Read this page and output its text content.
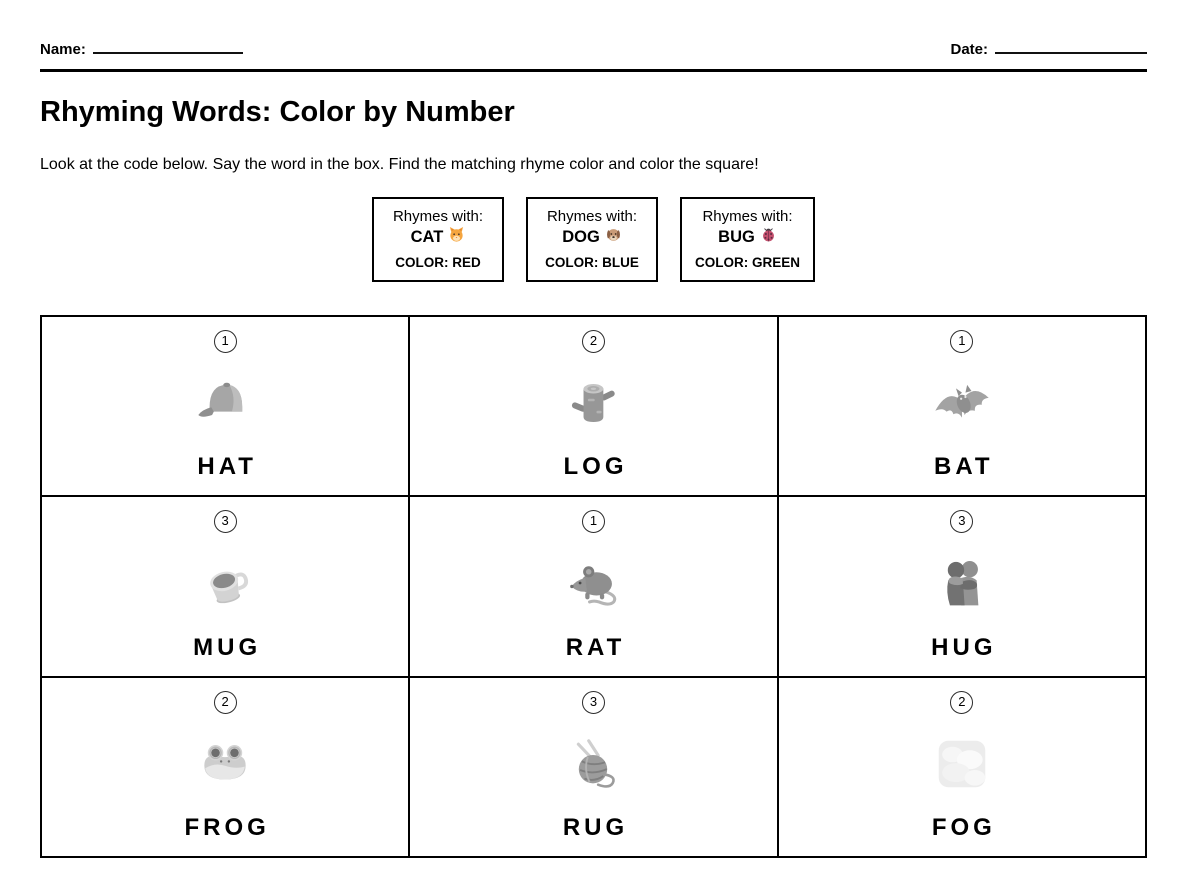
Name:	Date:
Rhyming Words: Color by Number

Look at the code below. Say the word in the box. Find the matching rhyme color and color the square!

Rhymes with:
CAT
COLOR: RED
Rhymes with:
DOG
COLOR: BLUE
Rhymes with:
BUG
COLOR: GREEN
1
HAT
2
LOG
1
BAT
3
MUG
1
RAT
3
HUG
2
FROG
3
RUG
2
FOG
